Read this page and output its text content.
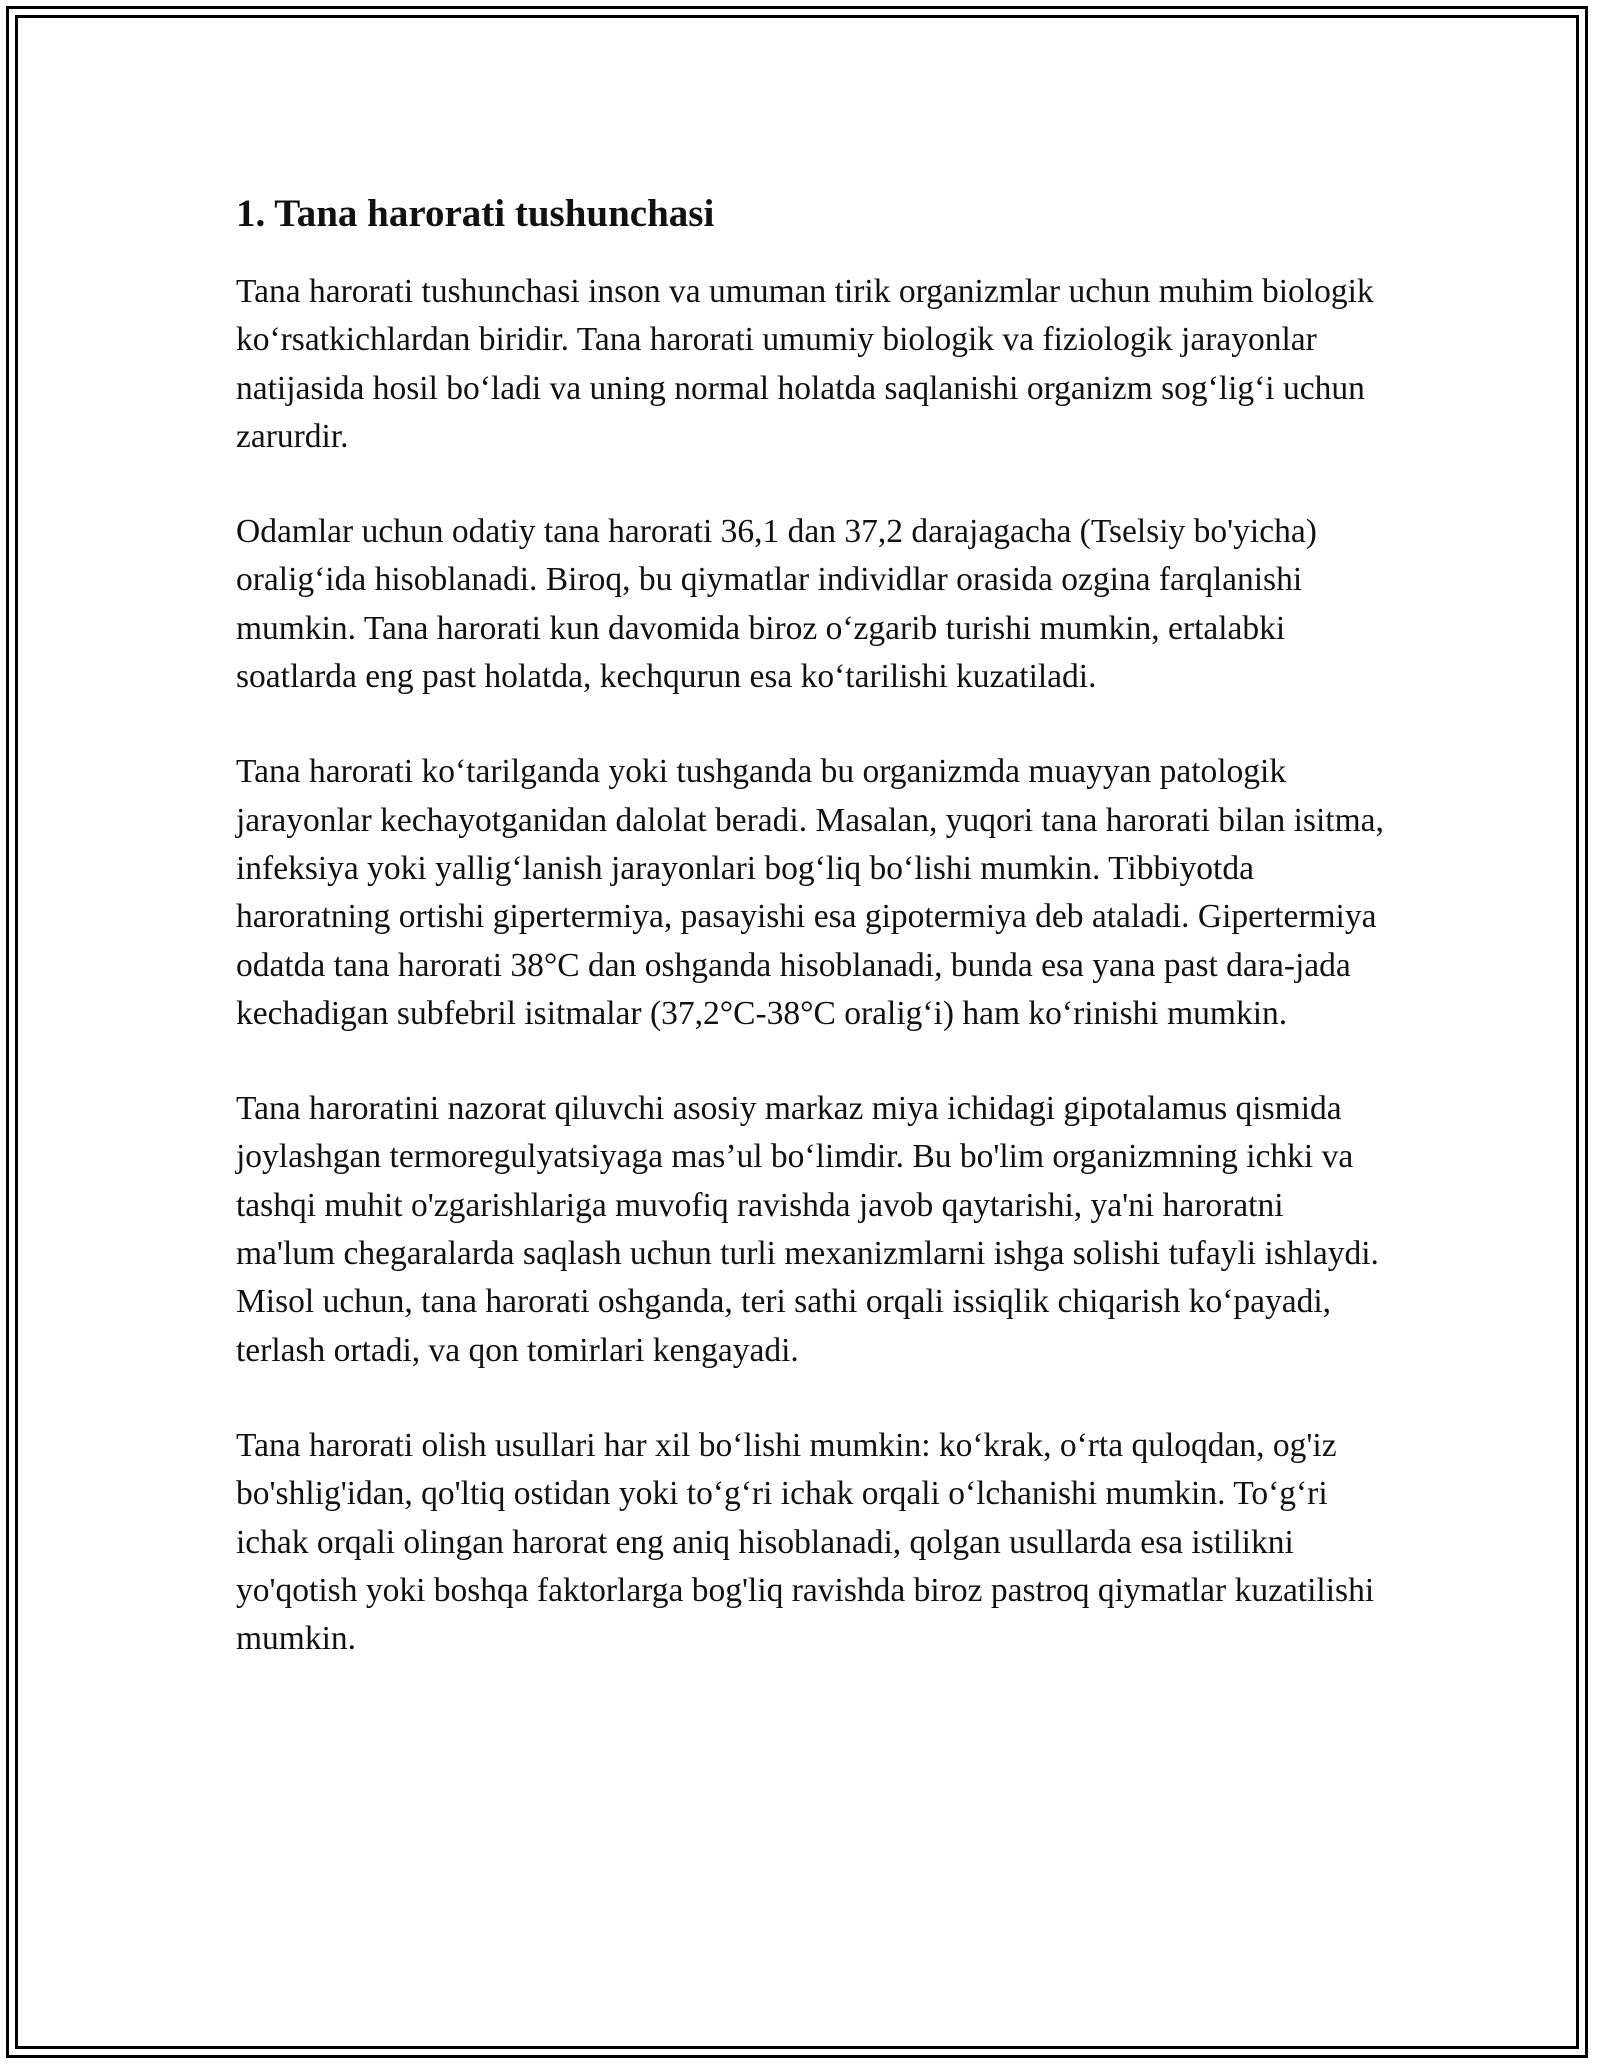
1. Tana harorati tushunchasi

Tana harorati tushunchasi inson va umuman tirik organizmlar uchun muhim biologik ko‘rsatkichlardan biridir. Tana harorati umumiy biologik va fiziologik jarayonlar natijasida hosil bo‘ladi va uning normal holatda saqlanishi organizm sog‘lig‘i uchun zarurdir.

Odamlar uchun odatiy tana harorati 36,1 dan 37,2 darajagacha (Tselsiy bo'yicha) oralig‘ida hisoblanadi. Biroq, bu qiymatlar individlar orasida ozgina farqlanishi mumkin. Tana harorati kun davomida biroz o‘zgarib turishi mumkin, ertalabki soatlarda eng past holatda, kechqurun esa ko‘tarilishi kuzatiladi.

Tana harorati ko‘tarilganda yoki tushganda bu organizmda muayyan patologik jarayonlar kechayotganidan dalolat beradi. Masalan, yuqori tana harorati bilan isitma, infeksiya yoki yallig‘lanish jarayonlari bog‘liq bo‘lishi mumkin. Tibbiyotda haroratning ortishi gipertermiya, pasayishi esa gipotermiya deb ataladi. Gipertermiya odatda tana harorati 38°C dan oshganda hisoblanadi, bunda esa yana past dara-jada kechadigan subfebril isitmalar (37,2°C-38°C oralig‘i) ham ko‘rinishi mumkin.

Tana haroratini nazorat qiluvchi asosiy markaz miya ichidagi gipotalamus qismida joylashgan termoregulyatsiyaga mas’ul bo‘limdir. Bu bo'lim organizmning ichki va tashqi muhit o'zgarishlariga muvofiq ravishda javob qaytarishi, ya'ni haroratni ma'lum chegaralarda saqlash uchun turli mexanizmlarni ishga solishi tufayli ishlaydi. Misol uchun, tana harorati oshganda, teri sathi orqali issiqlik chiqarish ko‘payadi, terlash ortadi, va qon tomirlari kengayadi.

Tana harorati olish usullari har xil bo‘lishi mumkin: ko‘krak, o‘rta quloqdan, og'iz bo'shlig'idan, qo'ltiq ostidan yoki to‘g‘ri ichak orqali o‘lchanishi mumkin. To‘g‘ri ichak orqali olingan harorat eng aniq hisoblanadi, qolgan usullarda esa istilikni yo'qotish yoki boshqa faktorlarga bog'liq ravishda biroz pastroq qiymatlar kuzatilishi mumkin.
